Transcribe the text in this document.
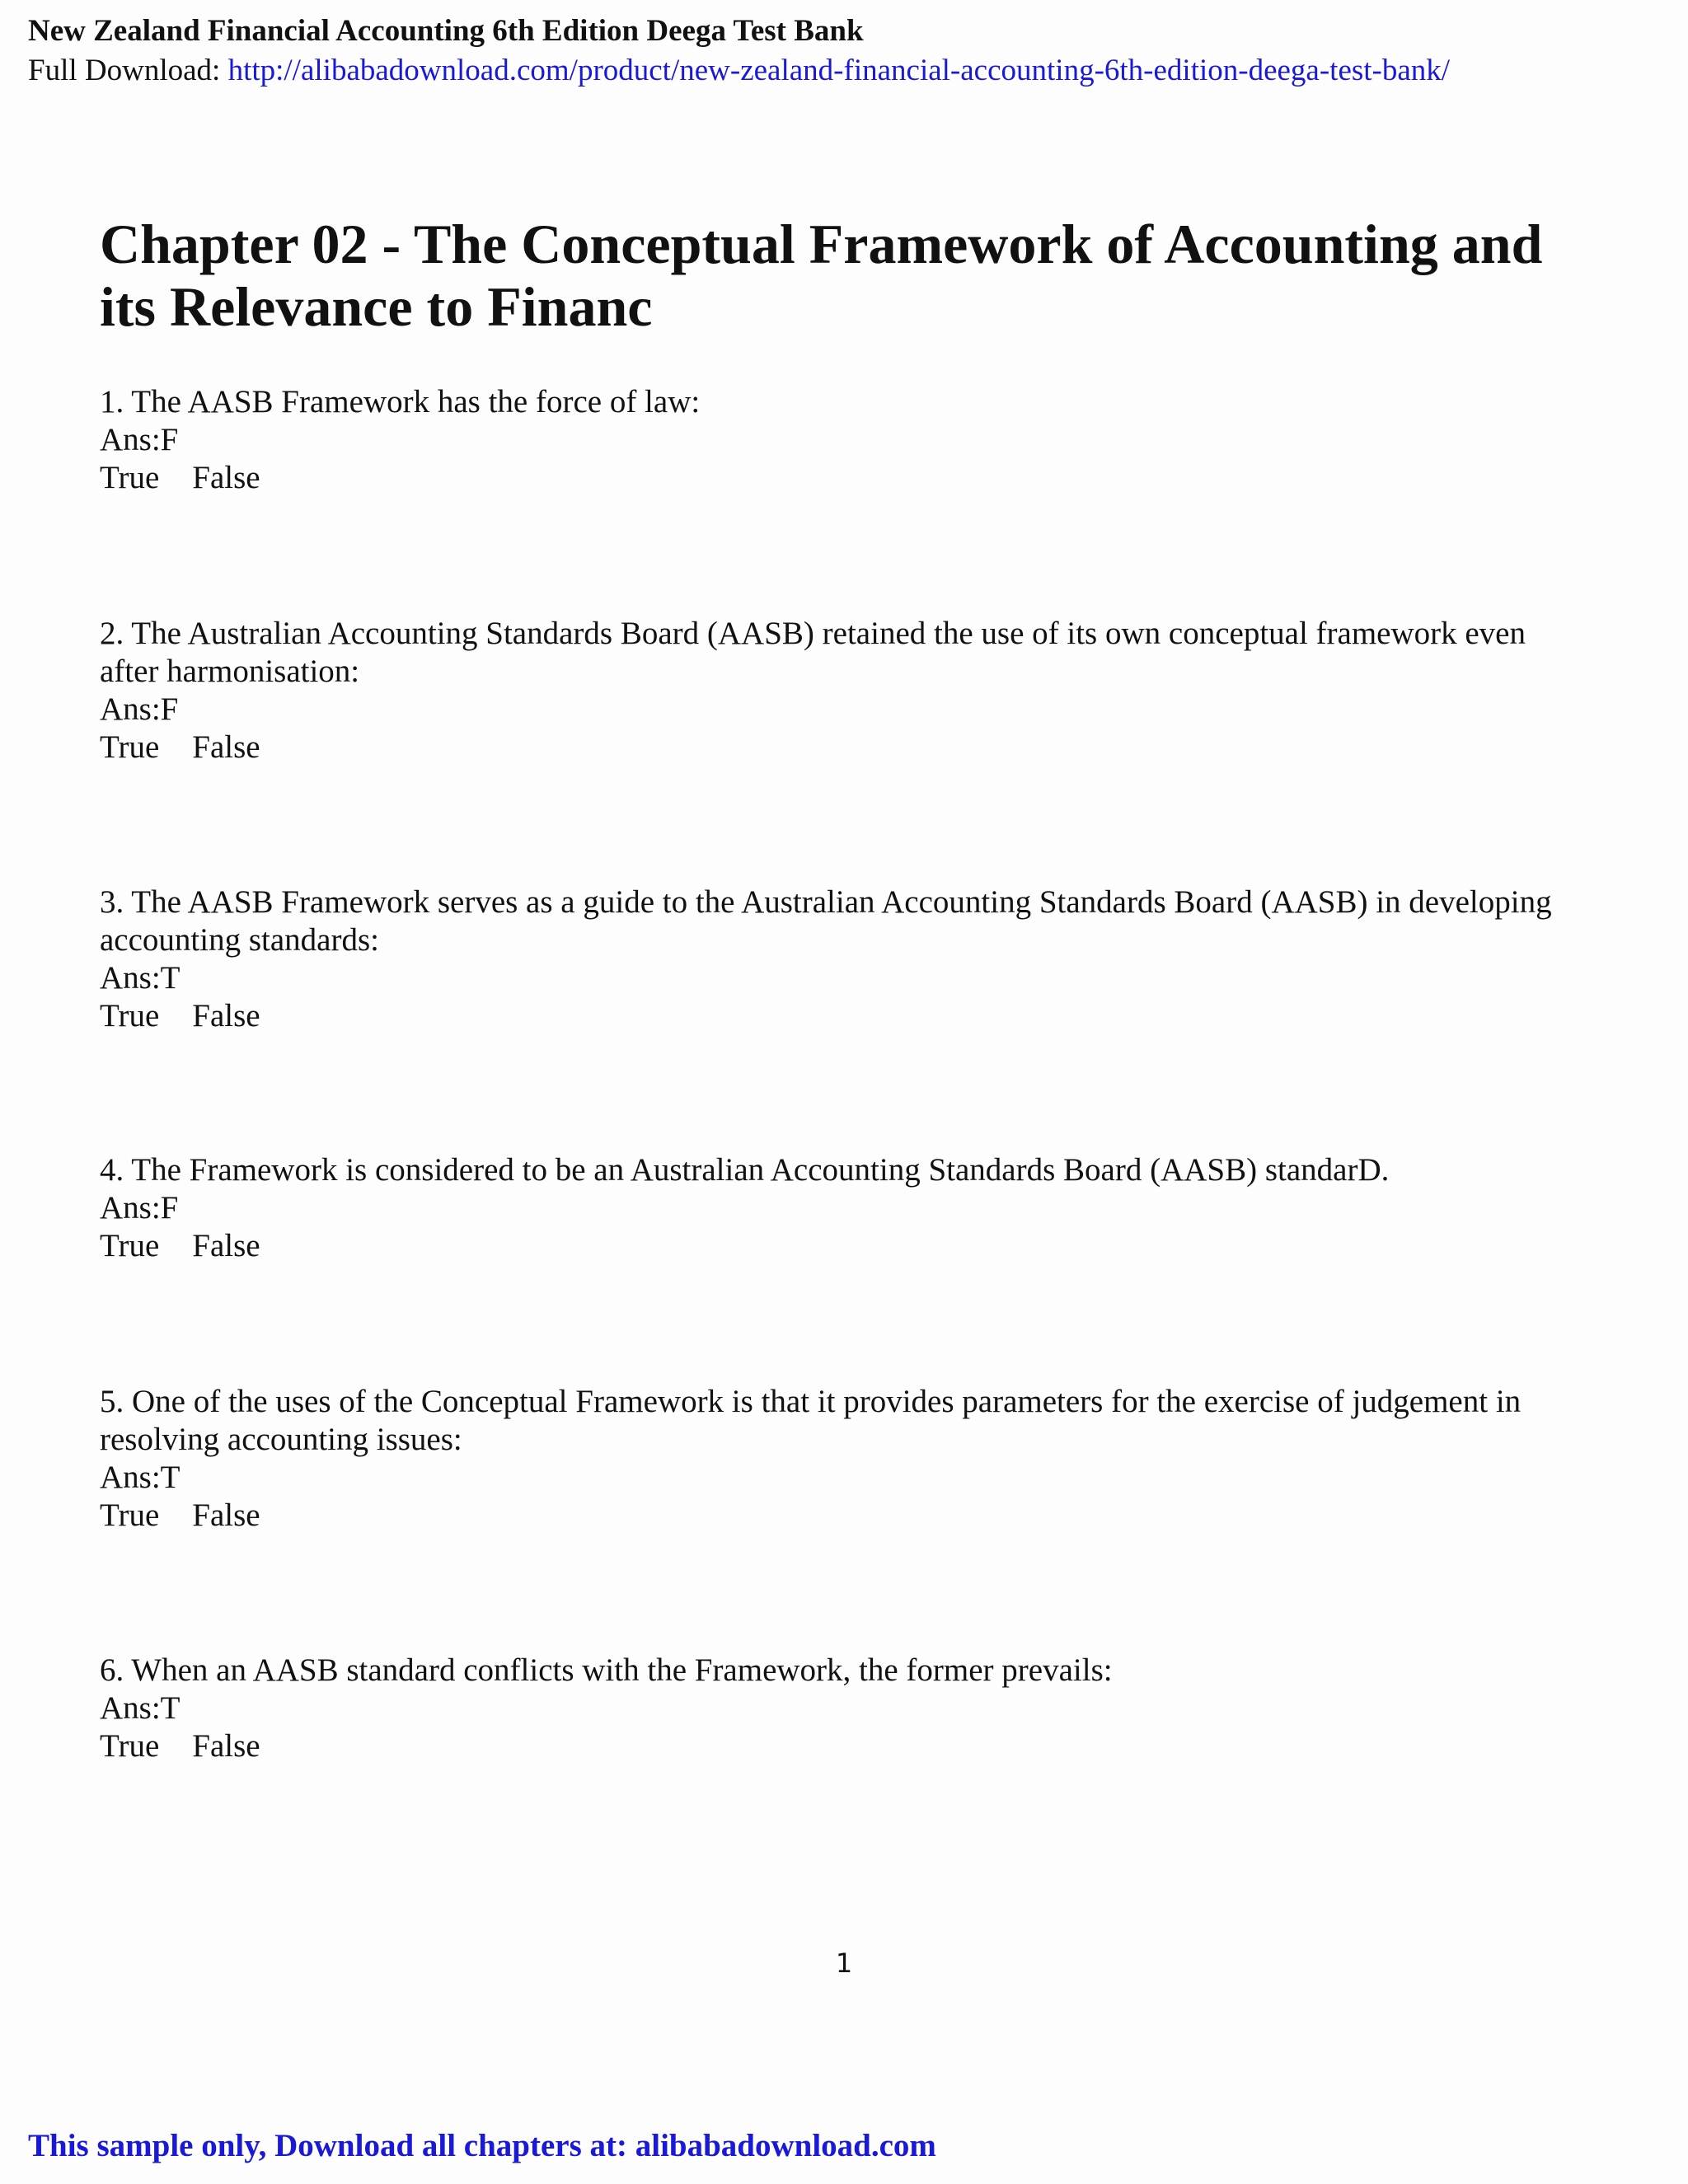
New Zealand Financial Accounting 6th Edition Deega Test Bank
Full Download: http://alibabadownload.com/product/new-zealand-financial-accounting-6th-edition-deega-test-bank/
Chapter 02 - The Conceptual Framework of Accounting and its Relevance to Financ
1. The AASB Framework has the force of law:
Ans:F
True False
2. The Australian Accounting Standards Board (AASB) retained the use of its own conceptual framework even after harmonisation:
Ans:F
True False
3. The AASB Framework serves as a guide to the Australian Accounting Standards Board (AASB) in developing accounting standards:
Ans:T
True False
4. The Framework is considered to be an Australian Accounting Standards Board (AASB) standarD.
Ans:F
True False
5. One of the uses of the Conceptual Framework is that it provides parameters for the exercise of judgement in resolving accounting issues:
Ans:T
True False
6. When an AASB standard conflicts with the Framework, the former prevails:
Ans:T
True False
1
This sample only, Download all chapters at: alibabadownload.com
